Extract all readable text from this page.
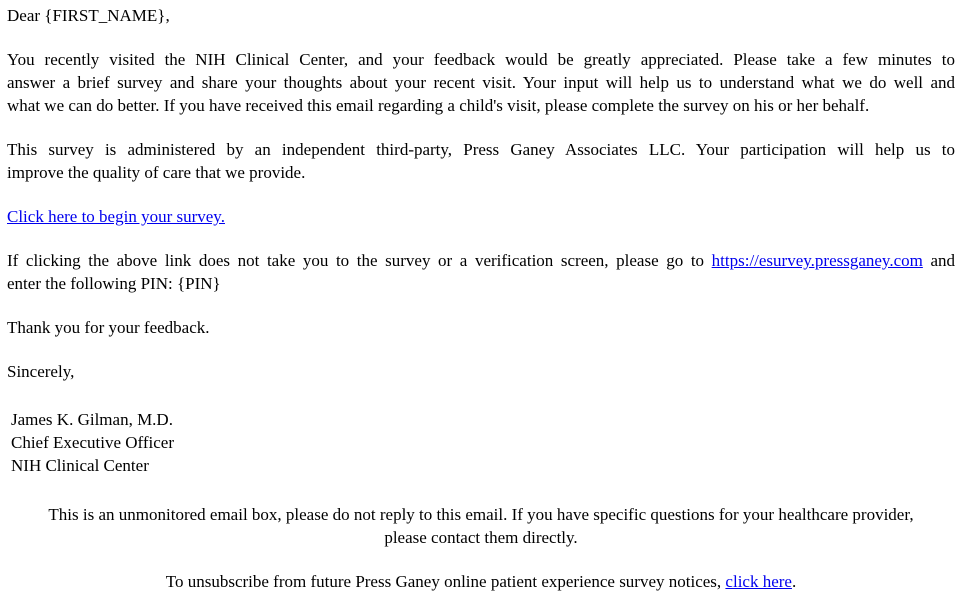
Dear {FIRST_NAME},

You recently visited the NIH Clinical Center, and your feedback would be greatly appreciated. Please take a few minutes to
answer a brief survey and share your thoughts about your recent visit. Your input will help us to understand what we do well and
what we can do better. If you have received this email regarding a child's visit, please complete the survey on his or her behalf.
This survey is administered by an independent third-party, Press Ganey Associates LLC. Your participation will help us to
improve the quality of care that we provide.

Click here to begin your survey.

If clicking the above link does not take you to the survey or a verification screen, please go to https://esurvey.pressganey.com and
enter the following PIN: {PIN}

Thank you for your feedback.

Sincerely,

James K. Gilman, M.D.
Chief Executive Officer
NIH Clinical Center
This is an unmonitored email box, please do not reply to this email. If you have specific questions for your healthcare provider,
please contact them directly.
To unsubscribe from future Press Ganey online patient experience survey notices, click here.
